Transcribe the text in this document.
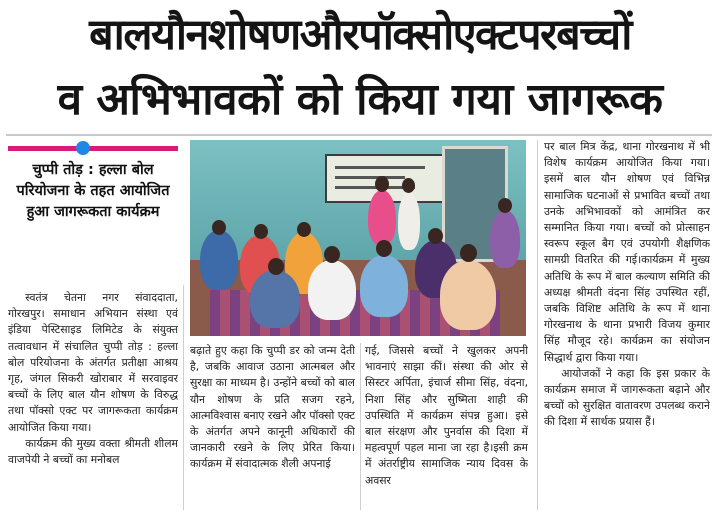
बालयौनशोषणऔरपॉक्सोएक्टपरबच्चों
व अभिभावकों को किया गया जागरूक
चुप्पी तोड़ : हल्ला बोल परियोजना के तहत आयोजित हुआ जागरूकता कार्यक्रम

स्वतंत्र चेतना नगर संवाददाता, गोरखपुर। समाधान अभियान संस्था एवं इंडिया पेस्टिसाइड लिमिटेड के संयुक्त तत्वावधान में संचालित चुप्पी तोड़ : हल्ला बोल परियोजना के अंतर्गत प्रतीक्षा आश्रय गृह, जंगल सिकरी खोराबार में सरवाइवर बच्चों के लिए बाल यौन शोषण के विरुद्ध तथा पॉक्सो एक्ट पर जागरूकता कार्यक्रम आयोजित किया गया।

कार्यक्रम की मुख्य वक्ता श्रीमती शीलम वाजपेयी ने बच्चों का मनोबल

बढ़ाते हुए कहा कि चुप्पी डर को जन्म देती है, जबकि आवाज उठाना आत्मबल और सुरक्षा का माध्यम है। उन्होंने बच्चों को बाल यौन शोषण के प्रति सजग रहने, आत्मविश्वास बनाए रखने और पॉक्सो एक्ट के अंतर्गत अपने कानूनी अधिकारों की जानकारी रखने के लिए प्रेरित किया। कार्यक्रम में संवादात्मक शैली अपनाई

गई, जिससे बच्चों ने खुलकर अपनी भावनाएं साझा कीं। संस्था की ओर से सिस्टर अर्पिता, इंचार्ज सीमा सिंह, वंदना, निशा सिंह और सुष्मिता शाही की उपस्थिति में कार्यक्रम संपन्न हुआ। इसे बाल संरक्षण और पुनर्वास की दिशा में महत्वपूर्ण पहल माना जा रहा है।इसी क्रम में अंतर्राष्ट्रीय सामाजिक न्याय दिवस के अवसर

पर बाल मित्र केंद्र, थाना गोरखनाथ में भी विशेष कार्यक्रम आयोजित किया गया। इसमें बाल यौन शोषण एवं विभिन्न सामाजिक घटनाओं से प्रभावित बच्चों तथा उनके अभिभावकों को आमंत्रित कर सम्मानित किया गया। बच्चों को प्रोत्साहन स्वरूप स्कूल बैग एवं उपयोगी शैक्षणिक सामग्री वितरित की गई।कार्यक्रम में मुख्य अतिथि के रूप में बाल कल्याण समिति की अध्यक्ष श्रीमती वंदना सिंह उपस्थित रहीं, जबकि विशिष्ट अतिथि के रूप में थाना गोरखनाथ के थाना प्रभारी विजय कुमार सिंह मौजूद रहे। कार्यक्रम का संयोजन सिद्धार्थ द्वारा किया गया।

आयोजकों ने कहा कि इस प्रकार के कार्यक्रम समाज में जागरूकता बढ़ाने और बच्चों को सुरक्षित वातावरण उपलब्ध कराने की दिशा में सार्थक प्रयास हैं।
